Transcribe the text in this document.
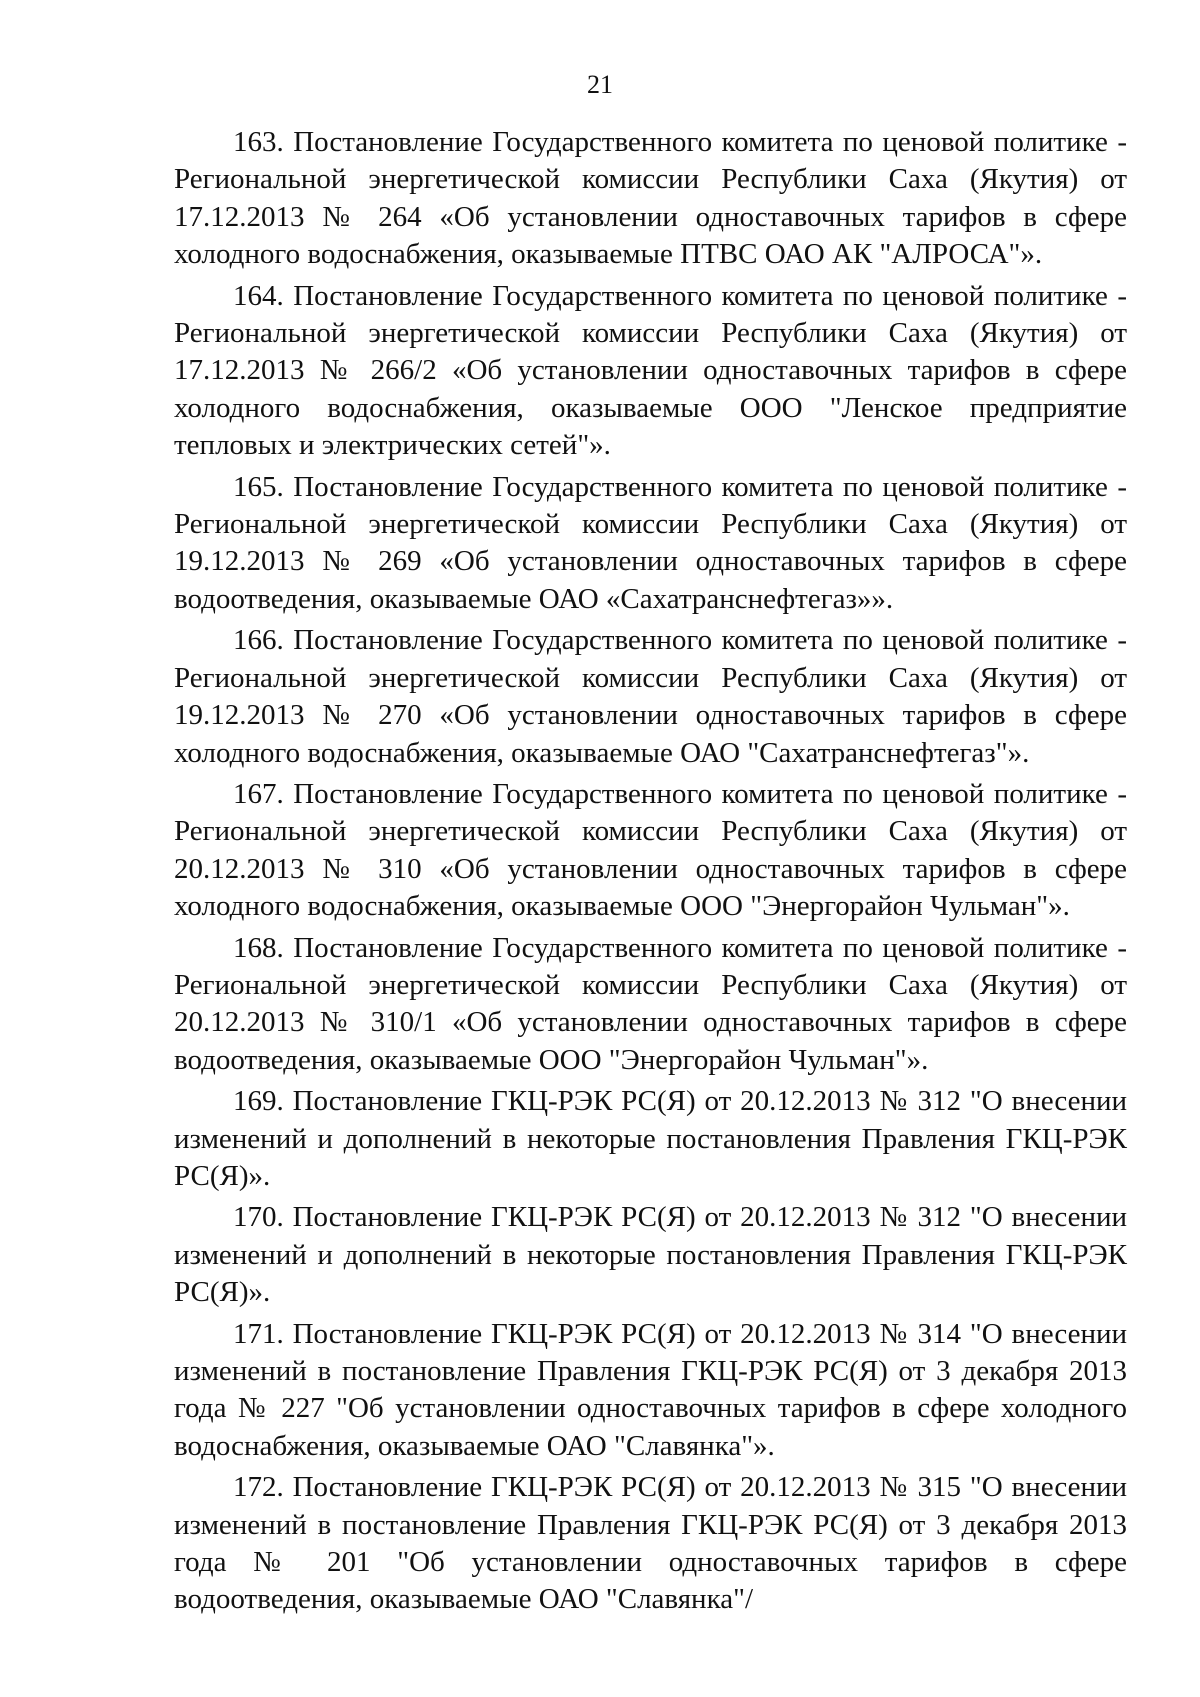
21

163. Постановление Государственного комитета по ценовой политике - Региональной энергетической комиссии Республики Саха (Якутия) от 17.12.2013 № 264 «Об установлении одноставочных тарифов в сфере холодного водоснабжения, оказываемые ПТВС ОАО АК "АЛРОСА"».

164. Постановление Государственного комитета по ценовой политике - Региональной энергетической комиссии Республики Саха (Якутия) от 17.12.2013 № 266/2 «Об установлении одноставочных тарифов в сфере холодного водоснабжения, оказываемые ООО "Ленское предприятие тепловых и электрических сетей"».

165. Постановление Государственного комитета по ценовой политике - Региональной энергетической комиссии Республики Саха (Якутия) от 19.12.2013 № 269 «Об установлении одноставочных тарифов в сфере водоотведения, оказываемые ОАО «Сахатранснефтегаз»».

166. Постановление Государственного комитета по ценовой политике - Региональной энергетической комиссии Республики Саха (Якутия) от 19.12.2013 № 270 «Об установлении одноставочных тарифов в сфере холодного водоснабжения, оказываемые ОАО "Сахатранснефтегаз"».

167. Постановление Государственного комитета по ценовой политике - Региональной энергетической комиссии Республики Саха (Якутия) от 20.12.2013 № 310 «Об установлении одноставочных тарифов в сфере холодного водоснабжения, оказываемые ООО "Энергорайон Чульман"».

168. Постановление Государственного комитета по ценовой политике - Региональной энергетической комиссии Республики Саха (Якутия) от 20.12.2013 № 310/1 «Об установлении одноставочных тарифов в сфере водоотведения, оказываемые ООО "Энергорайон Чульман"».

169. Постановление ГКЦ-РЭК РС(Я) от 20.12.2013 № 312 "О внесении изменений и дополнений в некоторые постановления Правления ГКЦ-РЭК РС(Я)».

170. Постановление ГКЦ-РЭК РС(Я) от 20.12.2013 № 312 "О внесении изменений и дополнений в некоторые постановления Правления ГКЦ-РЭК РС(Я)».

171. Постановление ГКЦ-РЭК РС(Я) от 20.12.2013 № 314 "О внесении изменений в постановление Правления ГКЦ-РЭК РС(Я) от 3 декабря 2013 года № 227 "Об установлении одноставочных тарифов в сфере холодного водоснабжения, оказываемые ОАО "Славянка"».

172. Постановление ГКЦ-РЭК РС(Я) от 20.12.2013 № 315 "О внесении изменений в постановление Правления ГКЦ-РЭК РС(Я) от 3 декабря 2013 года № 201 "Об установлении одноставочных тарифов в сфере водоотведения, оказываемые ОАО "Славянка"/
